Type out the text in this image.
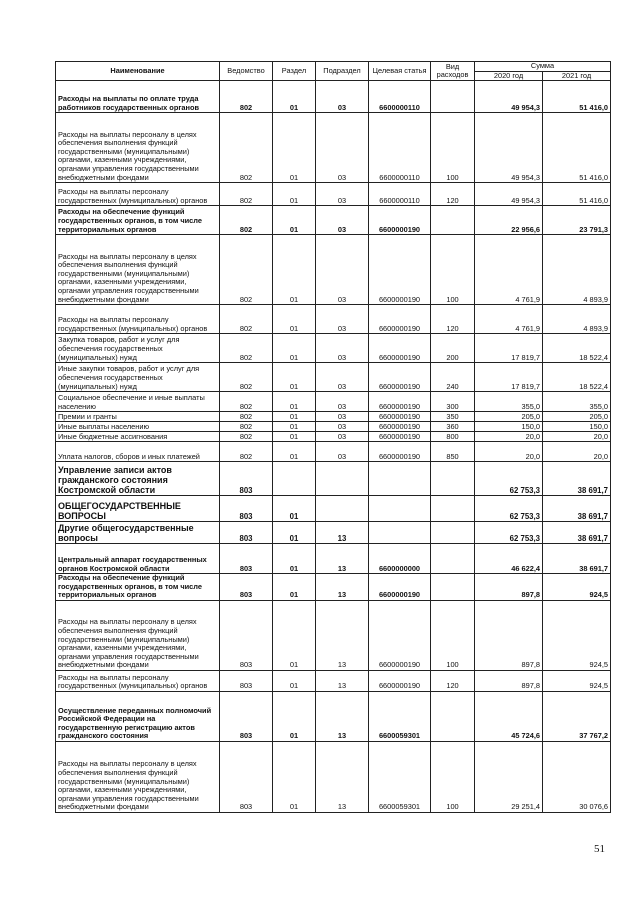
Наименование	Ведомство	Раздел	Подраздел	Целевая статья	Вид расходов	Сумма	
						2020 год	2021 год
Расходы на выплаты по оплате труда работников государственных органов	802	01	03	6600000110		49 954,3	51 416,0
Расходы на выплаты персоналу в целях обеспечения выполнения функций государственными (муниципальными) органами, казенными учреждениями, органами управления государственными внебюджетными фондами	802	01	03	6600000110	100	49 954,3	51 416,0
Расходы на выплаты персоналу государственных (муниципальных) органов	802	01	03	6600000110	120	49 954,3	51 416,0
Расходы на обеспечение функций государственных органов, в том числе территориальных органов	802	01	03	6600000190		22 956,6	23 791,3
Расходы на выплаты персоналу в целях обеспечения выполнения функций государственными (муниципальными) органами, казенными учреждениями, органами управления государственными внебюджетными фондами	802	01	03	6600000190	100	4 761,9	4 893,9
Расходы на выплаты персоналу государственных (муниципальных) органов	802	01	03	6600000190	120	4 761,9	4 893,9
Закупка товаров, работ и услуг для обеспечения государственных (муниципальных) нужд	802	01	03	6600000190	200	17 819,7	18 522,4
Иные закупки товаров, работ и услуг для обеспечения государственных (муниципальных) нужд	802	01	03	6600000190	240	17 819,7	18 522,4
Социальное обеспечение и иные выплаты населению	802	01	03	6600000190	300	355,0	355,0
Премии и гранты	802	01	03	6600000190	350	205,0	205,0
Иные выплаты населению	802	01	03	6600000190	360	150,0	150,0
Иные бюджетные ассигнования	802	01	03	6600000190	800	20,0	20,0
Уплата налогов, сборов и иных платежей	802	01	03	6600000190	850	20,0	20,0
Управление записи актов гражданского состояния Костромской области	803					62 753,3	38 691,7
ОБЩЕГОСУДАРСТВЕННЫЕ ВОПРОСЫ	803	01				62 753,3	38 691,7
Другие общегосударственные вопросы	803	01	13			62 753,3	38 691,7
Центральный аппарат государственных органов Костромской области	803	01	13	6600000000		46 622,4	38 691,7
Расходы на обеспечение функций государственных органов, в том числе территориальных органов	803	01	13	6600000190		897,8	924,5
Расходы на выплаты персоналу в целях обеспечения выполнения функций государственными (муниципальными) органами, казенными учреждениями, органами управления государственными внебюджетными фондами	803	01	13	6600000190	100	897,8	924,5
Расходы на выплаты персоналу государственных (муниципальных) органов	803	01	13	6600000190	120	897,8	924,5
Осуществление переданных полномочий Российской Федерации на государственную регистрацию актов гражданского состояния	803	01	13	6600059301		45 724,6	37 767,2
Расходы на выплаты персоналу в целях обеспечения выполнения функций государственными (муниципальными) органами, казенными учреждениями, органами управления государственными внебюджетными фондами	803	01	13	6600059301	100	29 251,4	30 076,6
51
